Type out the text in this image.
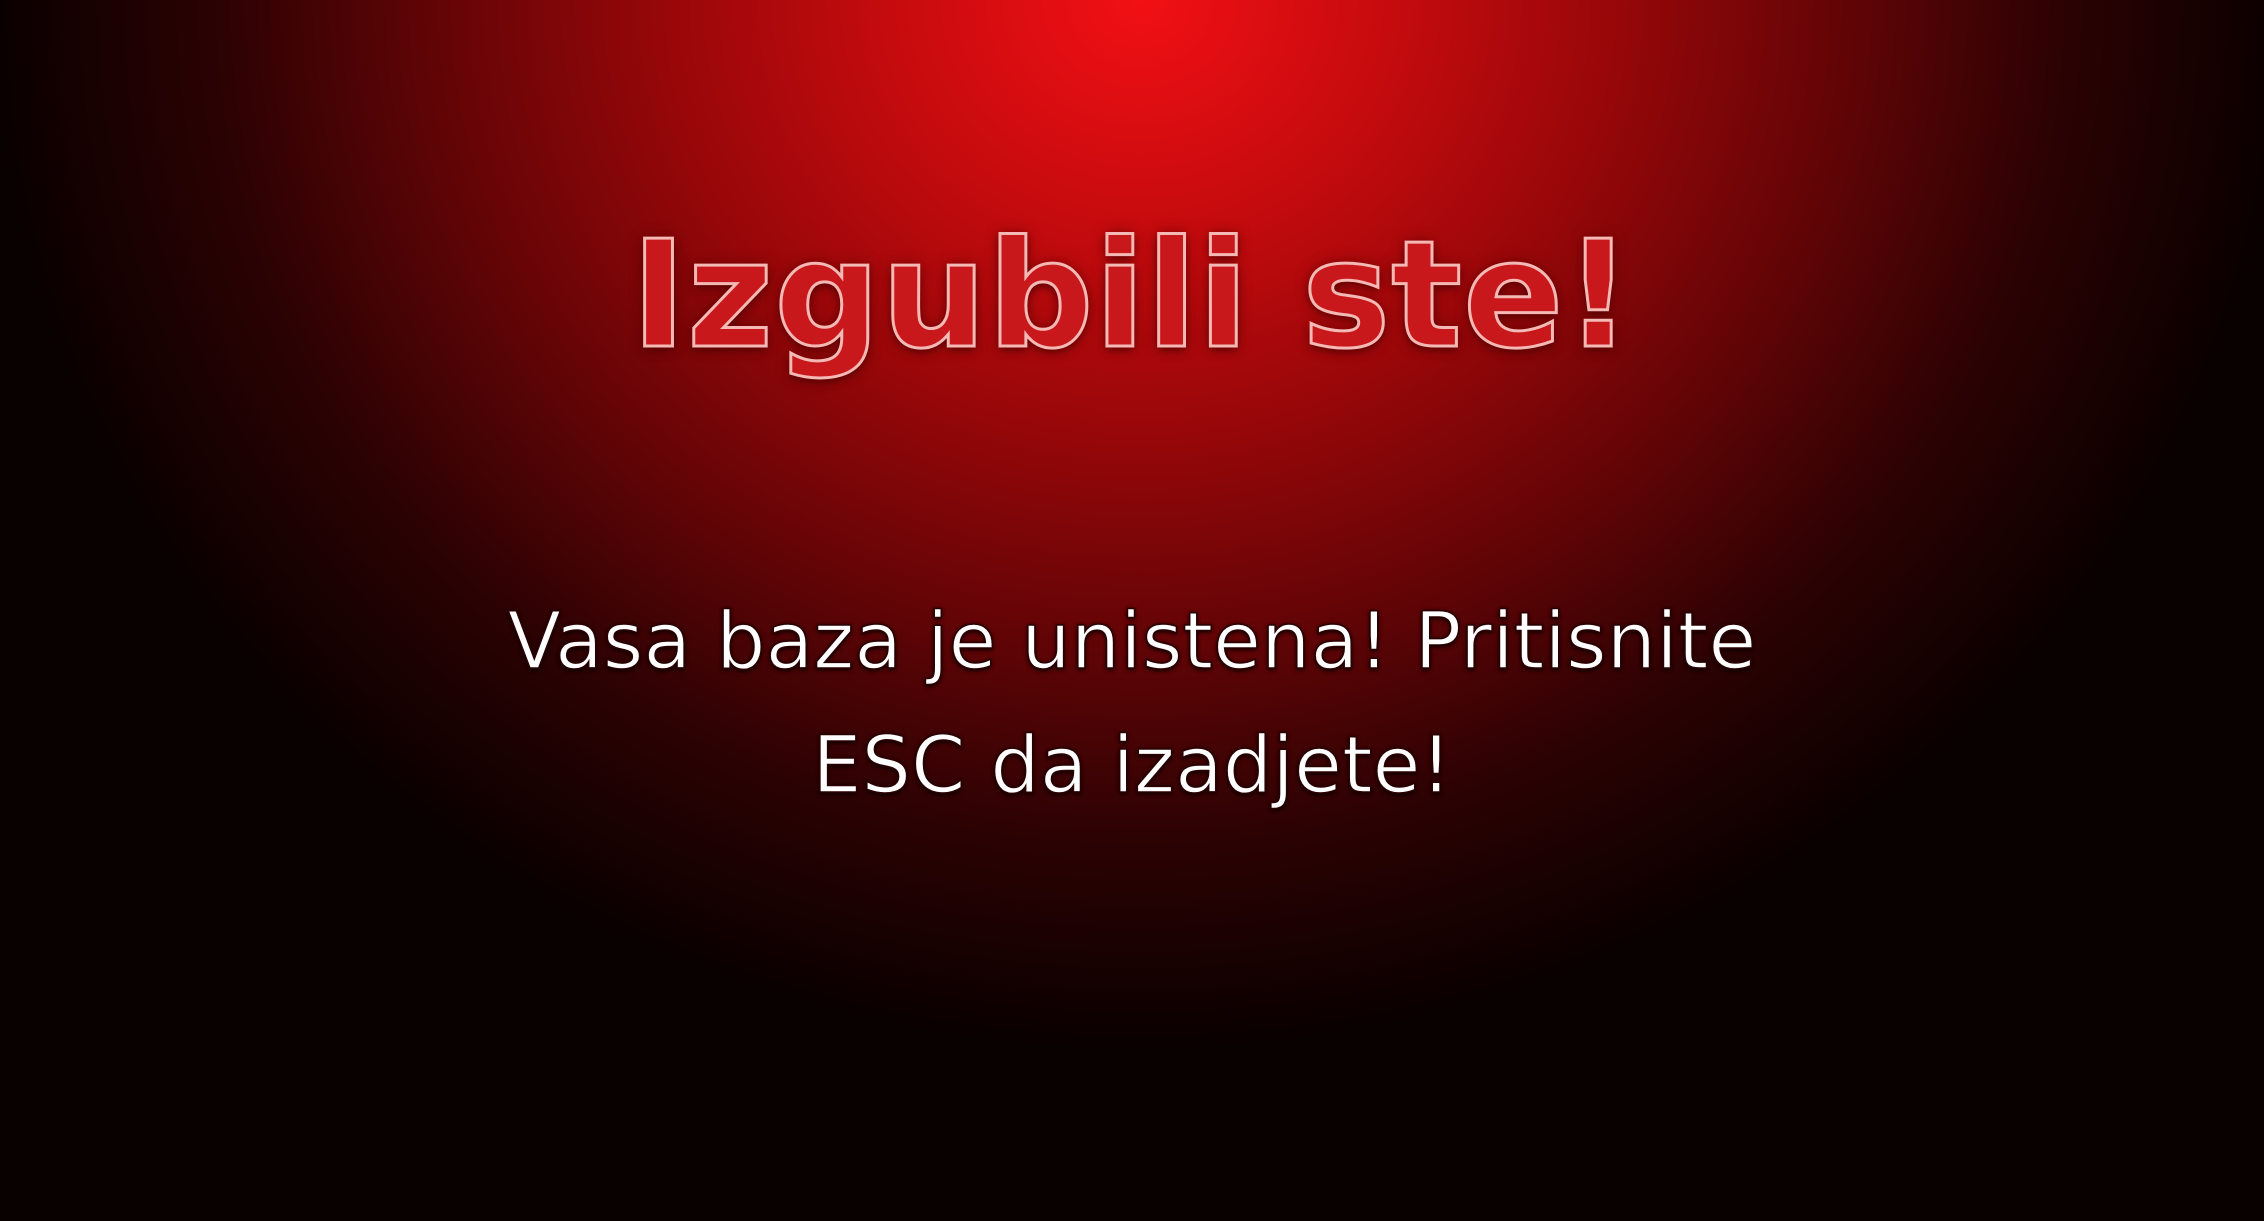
Izgubili ste!
Vasa baza je unistena! Pritisnite
ESC da izadjete!
